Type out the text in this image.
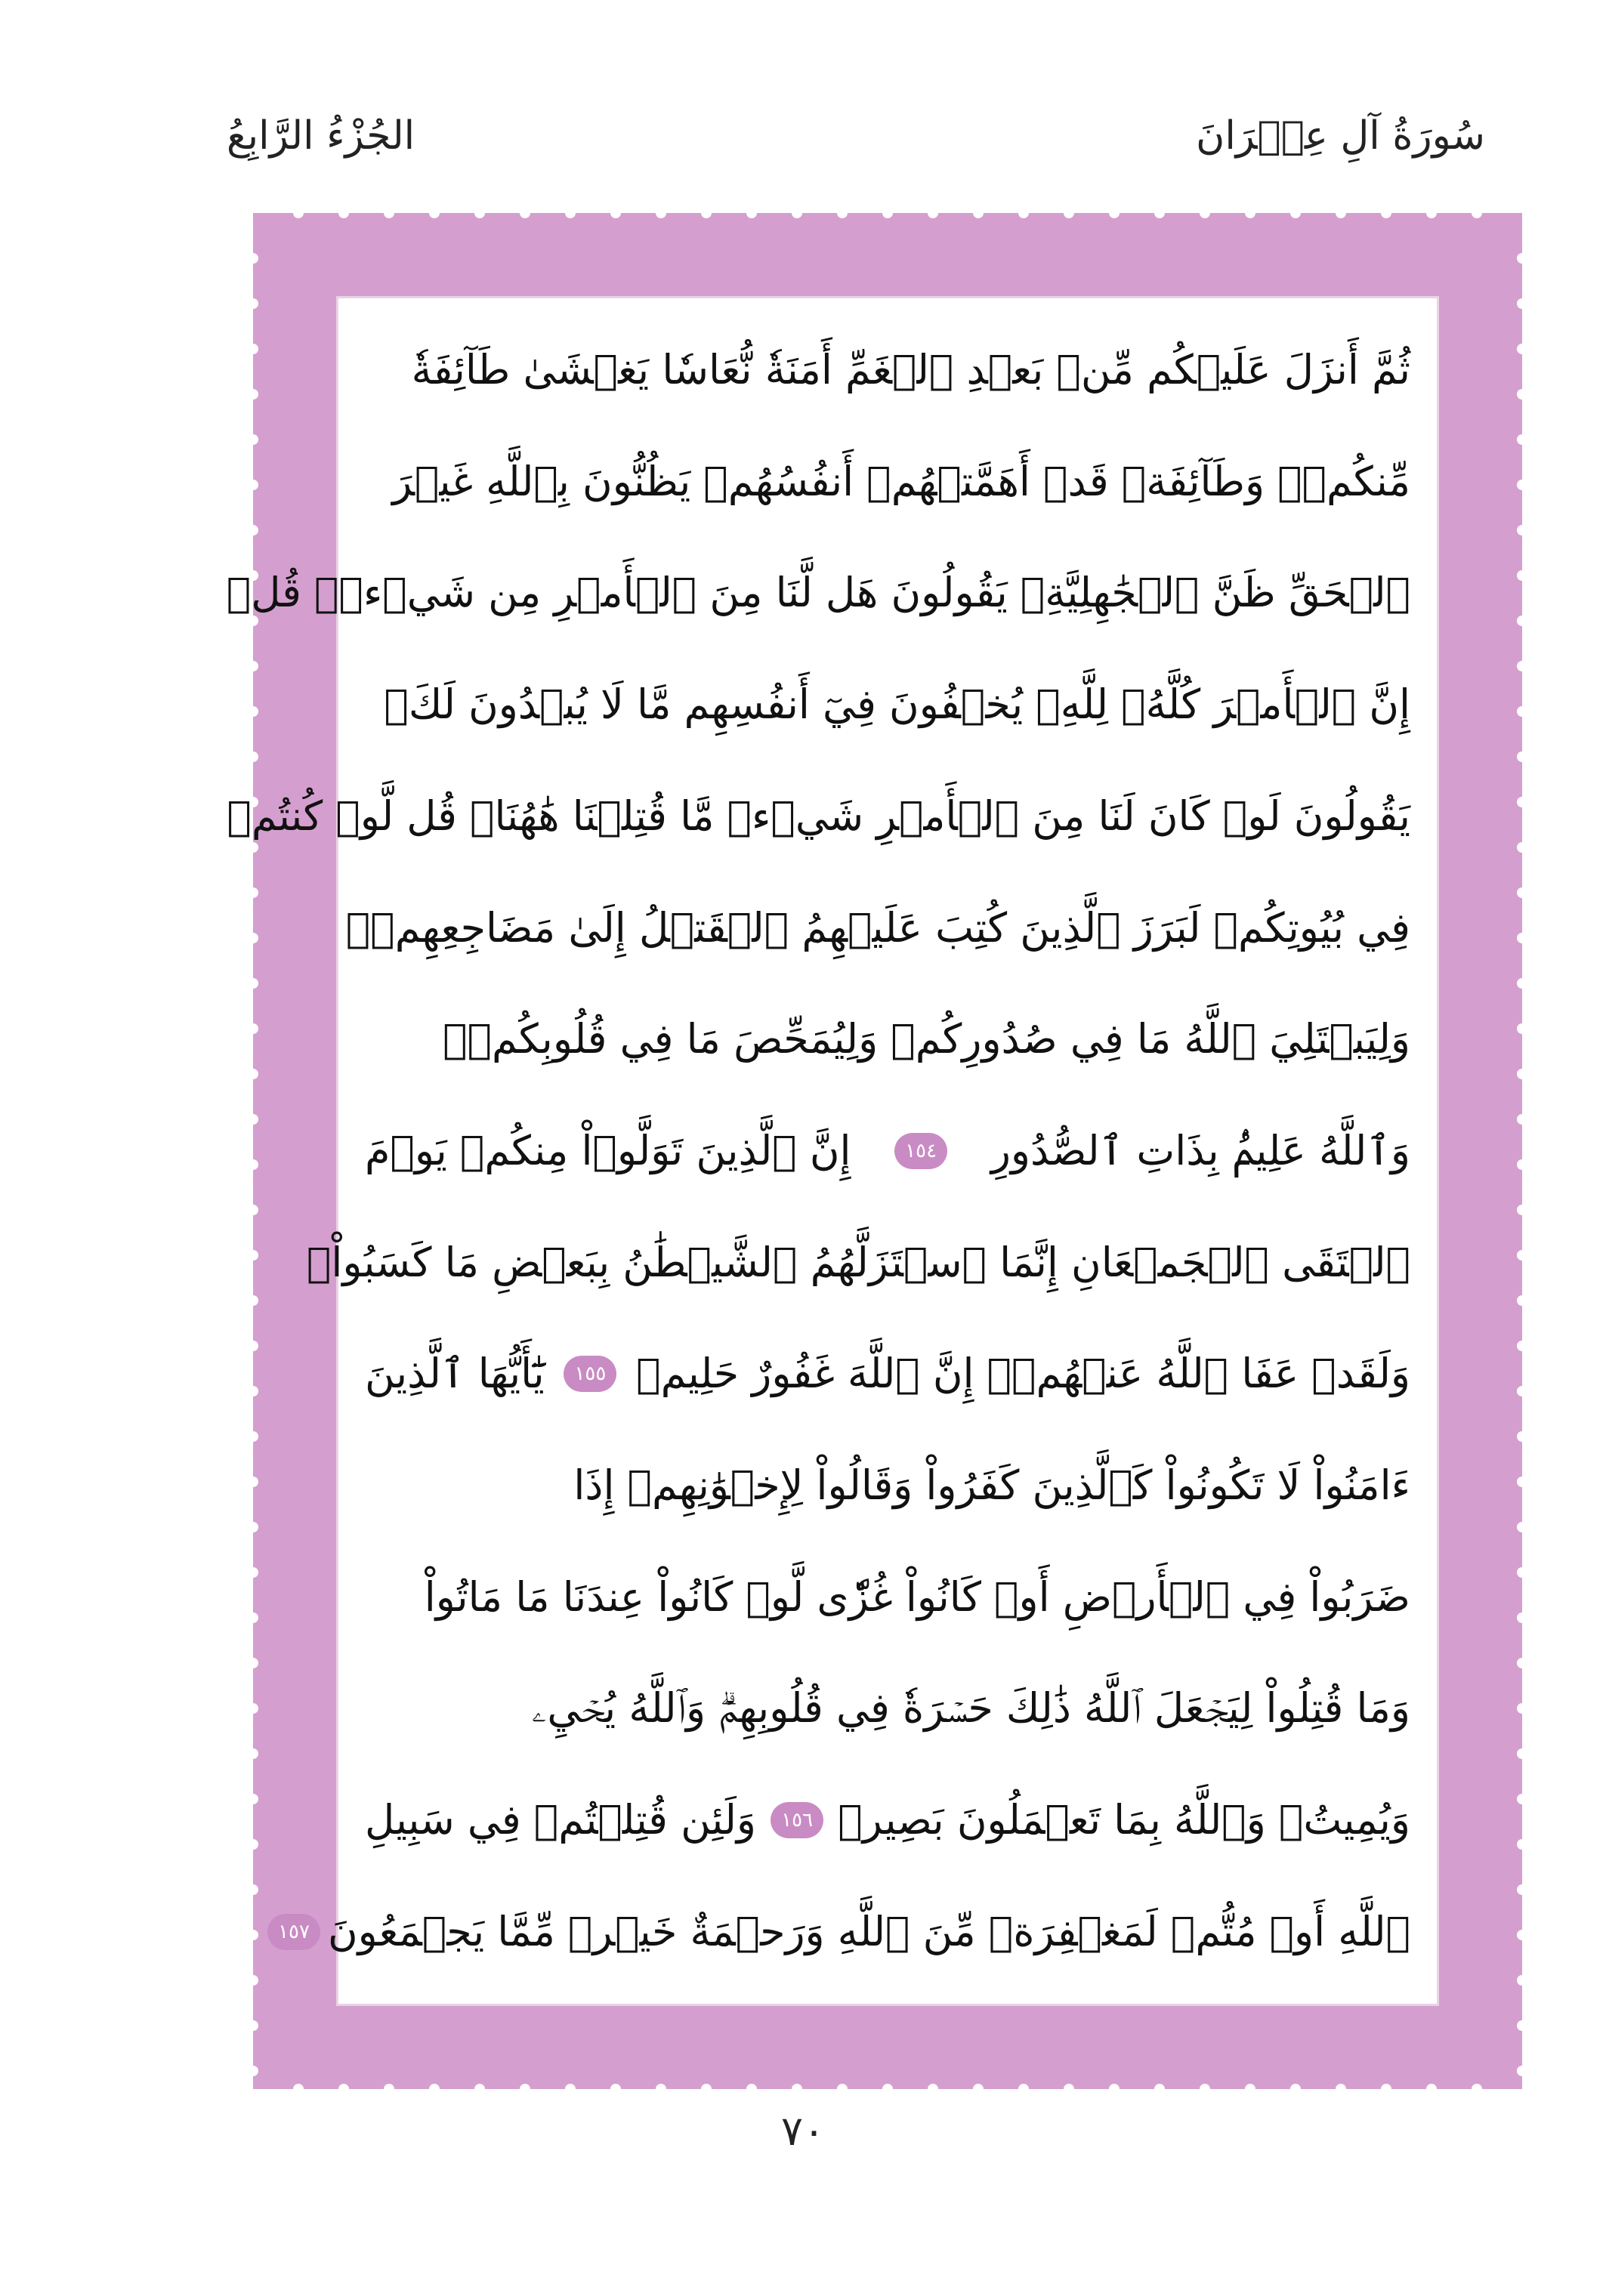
الجُزْءُ الرَّابِعُ	سُورَةُ آلِ عِمۡرَانَ
ثُمَّ أَنزَلَ عَلَيۡكُم مِّنۢ بَعۡدِ ٱلۡغَمِّ أَمَنَةٗ نُّعَاسٗا يَغۡشَىٰ طَآئِفَةٗ
مِّنكُمۡۖ وَطَآئِفَةٞ قَدۡ أَهَمَّتۡهُمۡ أَنفُسُهُمۡ يَظُنُّونَ بِٱللَّهِ غَيۡرَ
ٱلۡحَقِّ ظَنَّ ٱلۡجَٰهِلِيَّةِۖ يَقُولُونَ هَل لَّنَا مِنَ ٱلۡأَمۡرِ مِن شَيۡءٖۗ قُلۡ
إِنَّ ٱلۡأَمۡرَ كُلَّهُۥ لِلَّهِۗ يُخۡفُونَ فِيٓ أَنفُسِهِم مَّا لَا يُبۡدُونَ لَكَۖ
يَقُولُونَ لَوۡ كَانَ لَنَا مِنَ ٱلۡأَمۡرِ شَيۡءٞ مَّا قُتِلۡنَا هَٰهُنَاۗ قُل لَّوۡ كُنتُمۡ
فِي بُيُوتِكُمۡ لَبَرَزَ ٱلَّذِينَ كُتِبَ عَلَيۡهِمُ ٱلۡقَتۡلُ إِلَىٰ مَضَاجِعِهِمۡۖ
وَلِيَبۡتَلِيَ ٱللَّهُ مَا فِي صُدُورِكُمۡ وَلِيُمَحِّصَ مَا فِي قُلُوبِكُمۡۚ
وَٱللَّهُ عَلِيمُۢ بِذَاتِ ٱلصُّدُورِ
١٥٤
إِنَّ ٱلَّذِينَ تَوَلَّوۡاْ مِنكُمۡ يَوۡمَ
ٱلۡتَقَى ٱلۡجَمۡعَانِ إِنَّمَا ٱسۡتَزَلَّهُمُ ٱلشَّيۡطَٰنُ بِبَعۡضِ مَا كَسَبُواْۖ
وَلَقَدۡ عَفَا ٱللَّهُ عَنۡهُمۡۗ إِنَّ ٱللَّهَ غَفُورٌ حَلِيمٞ
١٥٥
يَٰٓأَيُّهَا ٱلَّذِينَ
ءَامَنُواْ لَا تَكُونُواْ كَٱلَّذِينَ كَفَرُواْ وَقَالُواْ لِإِخۡوَٰنِهِمۡ إِذَا
ضَرَبُواْ فِي ٱلۡأَرۡضِ أَوۡ كَانُواْ غُزّٗى لَّوۡ كَانُواْ عِندَنَا مَا مَاتُواْ
وَمَا قُتِلُواْ لِيَجۡعَلَ ٱللَّهُ ذَٰلِكَ حَسۡرَةٗ فِي قُلُوبِهِمۡۗ وَٱللَّهُ يُحۡيِۦ
وَيُمِيتُۗ وَٱللَّهُ بِمَا تَعۡمَلُونَ بَصِيرٞ
١٥٦
وَلَئِن قُتِلۡتُمۡ فِي سَبِيلِ
ٱللَّهِ أَوۡ مُتُّمۡ لَمَغۡفِرَةٞ مِّنَ ٱللَّهِ وَرَحۡمَةٌ خَيۡرٞ مِّمَّا يَجۡمَعُونَ
١٥٧
٧٠
